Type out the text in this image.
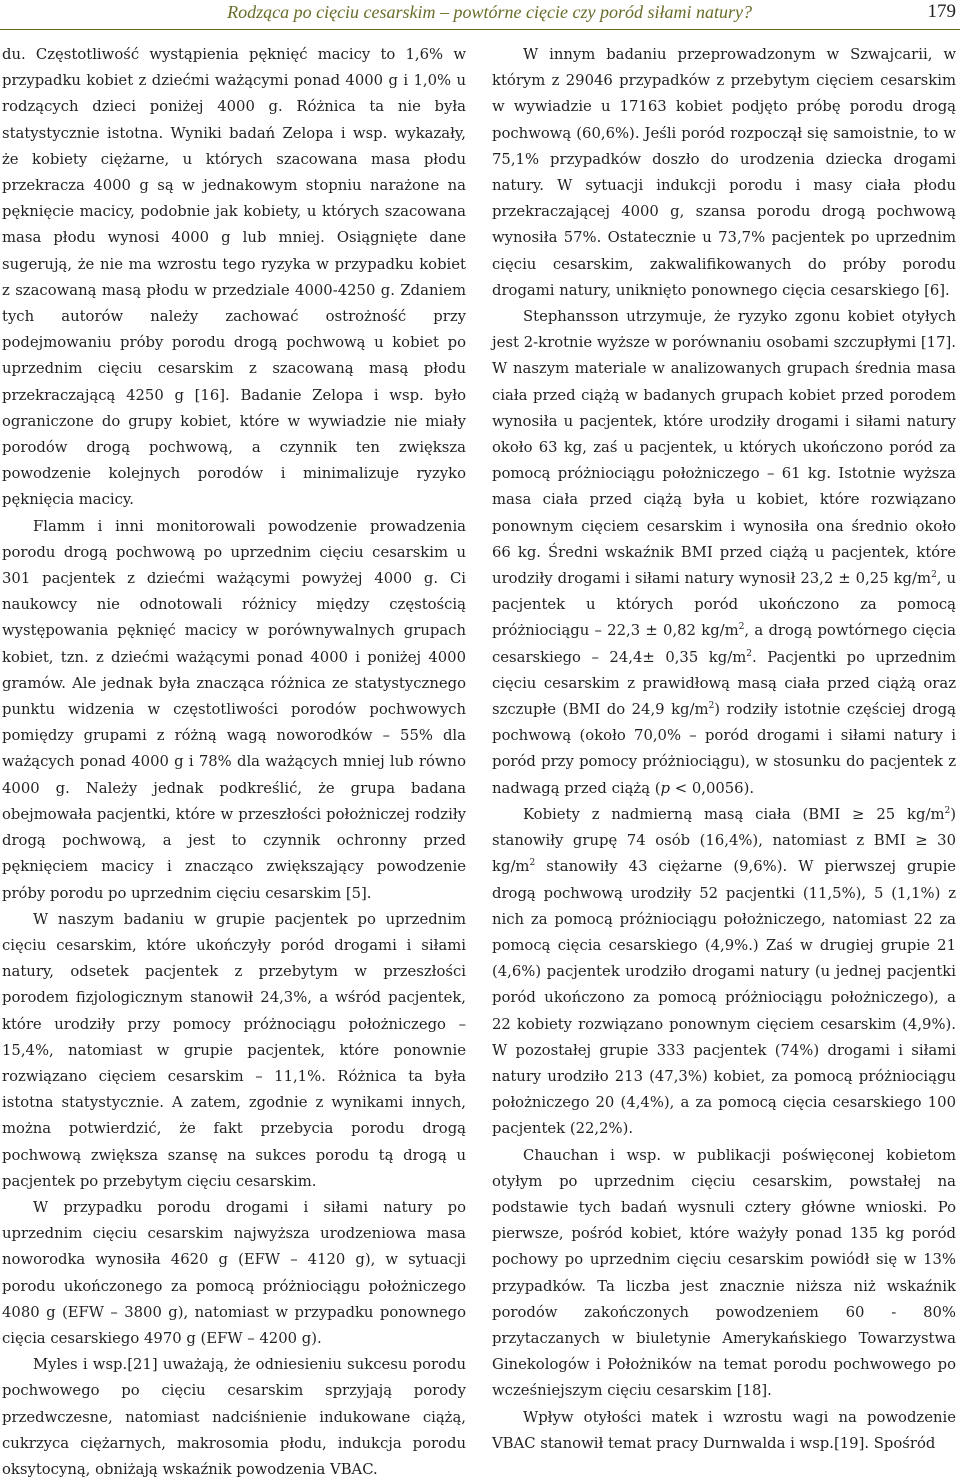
Rodząca po cięciu cesarskim – powtórne cięcie czy poród siłami natury?	179

du. Częstotliwość wystąpienia pęknięć macicy to 1,6% w przypadku kobiet z dziećmi ważącymi ponad 4000 g i 1,0% u rodzących dzieci poniżej 4000 g. Różnica ta nie była statystycznie istotna. Wyniki badań Zelopa i wsp. wykazały, że kobiety ciężarne, u których szacowana masa płodu przekracza 4000 g są w jednakowym stopniu narażone na pęknięcie macicy, podobnie jak kobiety, u których szacowana masa płodu wynosi 4000 g lub mniej. Osiągnięte dane sugerują, że nie ma wzrostu tego ryzyka w przypadku kobiet z szacowaną masą płodu w przedziale 4000-4250 g. Zdaniem tych autorów należy zachować ostrożność przy podejmowaniu próby porodu drogą pochwową u kobiet po uprzednim cięciu cesarskim z szacowaną masą płodu przekraczającą 4250 g [16]. Badanie Zelopa i wsp. było ograniczone do grupy kobiet, które w wywiadzie nie miały porodów drogą pochwową, a czynnik ten zwiększa powodzenie kolejnych porodów i minimalizuje ryzyko pęknięcia macicy.

Flamm i inni monitorowali powodzenie prowadzenia porodu drogą pochwową po uprzednim cięciu cesarskim u 301 pacjentek z dziećmi ważącymi powyżej 4000 g. Ci naukowcy nie odnotowali różnicy między częstością występowania pęknięć macicy w porównywalnych grupach kobiet, tzn. z dziećmi ważącymi ponad 4000 i poniżej 4000 gramów. Ale jednak była znacząca różnica ze statystycznego punktu widzenia w częstotliwości porodów pochwowych pomiędzy grupami z różną wagą noworodków – 55% dla ważących ponad 4000 g i 78% dla ważących mniej lub równo 4000 g. Należy jednak podkreślić, że grupa badana obejmowała pacjentki, które w przeszłości położniczej rodziły drogą pochwową, a jest to czynnik ochronny przed pęknięciem macicy i znacząco zwiększający powodzenie próby porodu po uprzednim cięciu cesarskim [5].

W naszym badaniu w grupie pacjentek po uprzednim cięciu cesarskim, które ukończyły poród drogami i siłami natury, odsetek pacjentek z przebytym w przeszłości porodem fizjologicznym stanowił 24,3%, a wśród pacjentek, które urodziły przy pomocy próżnociągu położniczego – 15,4%, natomiast w grupie pacjentek, które ponownie rozwiązano cięciem cesarskim – 11,1%. Różnica ta była istotna statystycznie. A zatem, zgodnie z wynikami innych, można potwierdzić, że fakt przebycia porodu drogą pochwową zwiększa szansę na sukces porodu tą drogą u pacjentek po przebytym cięciu cesarskim.

W przypadku porodu drogami i siłami natury po uprzednim cięciu cesarskim najwyższa urodzeniowa masa noworodka wynosiła 4620 g (EFW – 4120 g), w sytuacji porodu ukończonego za pomocą próżniociągu położniczego 4080 g (EFW – 3800 g), natomiast w przypadku ponownego cięcia cesarskiego 4970 g (EFW – 4200 g).

Myles i wsp.[21] uważają, że odniesieniu sukcesu porodu pochwowego po cięciu cesarskim sprzyjają porody przedwczesne, natomiast nadciśnienie indukowane ciążą, cukrzyca ciężarnych, makrosomia płodu, indukcja porodu oksytocyną, obniżają wskaźnik powodzenia VBAC.

W innym badaniu przeprowadzonym w Szwajcarii, w którym z 29046 przypadków z przebytym cięciem cesarskim w wywiadzie u 17163 kobiet podjęto próbę porodu drogą pochwową (60,6%). Jeśli poród rozpoczął się samoistnie, to w 75,1% przypadków doszło do urodzenia dziecka drogami natury. W sytuacji indukcji porodu i masy ciała płodu przekraczającej 4000 g, szansa porodu drogą pochwową wynosiła 57%. Ostatecznie u 73,7% pacjentek po uprzednim cięciu cesarskim, zakwalifikowanych do próby porodu drogami natury, uniknięto ponownego cięcia cesarskiego [6].

Stephansson utrzymuje, że ryzyko zgonu kobiet otyłych jest 2-krotnie wyższe w porównaniu osobami szczupłymi [17]. W naszym materiale w analizowanych grupach średnia masa ciała przed ciążą w badanych grupach kobiet przed porodem wynosiła u pacjentek, które urodziły drogami i siłami natury około 63 kg, zaś u pacjentek, u których ukończono poród za pomocą próżniociągu położniczego – 61 kg. Istotnie wyższa masa ciała przed ciążą była u kobiet, które rozwiązano ponownym cięciem cesarskim i wynosiła ona średnio około 66 kg. Średni wskaźnik BMI przed ciążą u pacjentek, które urodziły drogami i siłami natury wynosił 23,2 ± 0,25 $kg/m^2$, u pacjentek u których poród ukończono za pomocą próżniociągu – 22,3 ± 0,82 $kg/m^2$, a drogą powtórnego cięcia cesarskiego – 24,4± 0,35 $kg/m^2$. Pacjentki po uprzednim cięciu cesarskim z prawidłową masą ciała przed ciążą oraz szczupłe (BMI do 24,9 $kg/m^2$) rodziły istotnie częściej drogą pochwową (około 70,0% – poród drogami i siłami natury i poród przy pomocy próżniociągu), w stosunku do pacjentek z nadwagą przed ciążą (p < 0,0056).

Kobiety z nadmierną masą ciała (BMI ≥ 25 $kg/m^2$) stanowiły grupę 74 osób (16,4%), natomiast z BMI ≥ 30 $kg/m^2$ stanowiły 43 ciężarne (9,6%). W pierwszej grupie drogą pochwową urodziły 52 pacjentki (11,5%), 5 (1,1%) z nich za pomocą próżniociągu położniczego, natomiast 22 za pomocą cięcia cesarskiego (4,9%.) Zaś w drugiej grupie 21 (4,6%) pacjentek urodziło drogami natury (u jednej pacjentki poród ukończono za pomocą próżniociągu położniczego), a 22 kobiety rozwiązano ponownym cięciem cesarskim (4,9%). W pozostałej grupie 333 pacjentek (74%) drogami i siłami natury urodziło 213 (47,3%) kobiet, za pomocą próżniociągu położniczego 20 (4,4%), a za pomocą cięcia cesarskiego 100 pacjentek (22,2%).

Chauchan i wsp. w publikacji poświęconej kobietom otyłym po uprzednim cięciu cesarskim, powstałej na podstawie tych badań wysnuli cztery główne wnioski. Po pierwsze, pośród kobiet, które ważyły ponad 135 kg poród pochowy po uprzednim cięciu cesarskim powiódł się w 13% przypadków. Ta liczba jest znacznie niższa niż wskaźnik porodów zakończonych powodzeniem 60 - 80% przytaczanych w biuletynie Amerykańskiego Towarzystwa Ginekologów i Położników na temat porodu pochwowego po wcześniejszym cięciu cesarskim [18].

Wpływ otyłości matek i wzrostu wagi na powodzenie VBAC stanowił temat pracy Durnwalda i wsp.[19]. Spośród
